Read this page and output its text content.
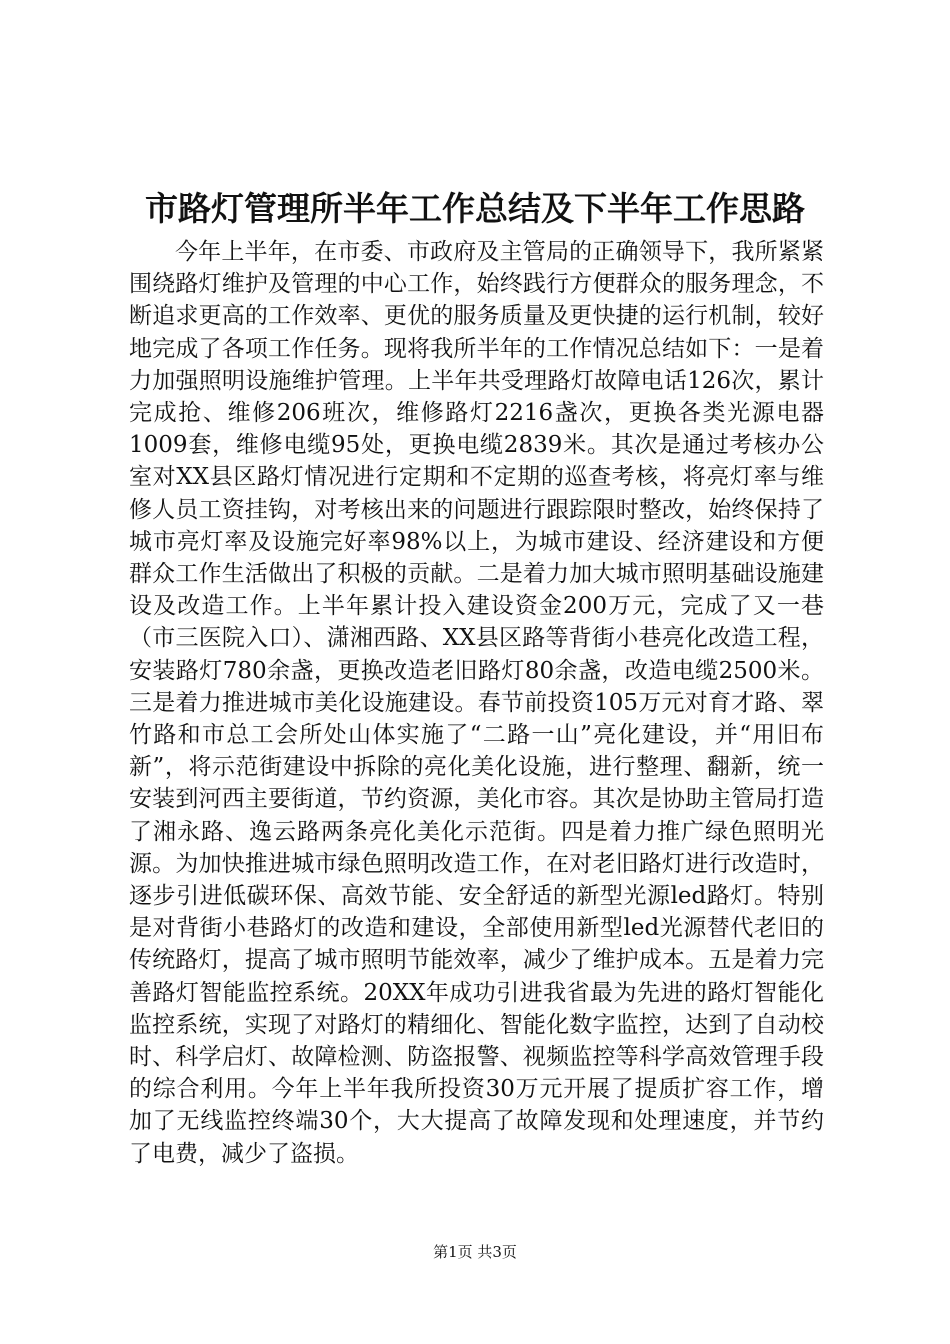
市路灯管理所半年工作总结及下半年工作思路

今年上半年，在市委、市政府及主管局的正确领导下，我所紧紧围绕路灯维护及管理的中心工作，始终践行方便群众的服务理念，不断追求更高的工作效率、更优的服务质量及更快捷的运行机制，较好地完成了各项工作任务。现将我所半年的工作情况总结如下：一是着力加强照明设施维护管理。上半年共受理路灯故障电话126次，累计完成抢、维修206班次，维修路灯2216盏次，更换各类光源电器1009套，维修电缆95处，更换电缆2839米。其次是通过考核办公室对XX县区路灯情况进行定期和不定期的巡查考核，将亮灯率与维修人员工资挂钩，对考核出来的问题进行跟踪限时整改，始终保持了城市亮灯率及设施完好率98%以上，为城市建设、经济建设和方便群众工作生活做出了积极的贡献。二是着力加大城市照明基础设施建设及改造工作。上半年累计投入建设资金200万元，完成了又一巷（市三医院入口）、潇湘西路、XX县区路等背街小巷亮化改造工程，安装路灯780余盏，更换改造老旧路灯80余盏，改造电缆2500米。三是着力推进城市美化设施建设。春节前投资105万元对育才路、翠竹路和市总工会所处山体实施了“二路一山”亮化建设，并“用旧布新”，将示范街建设中拆除的亮化美化设施，进行整理、翻新，统一安装到河西主要街道，节约资源，美化市容。其次是协助主管局打造了湘永路、逸云路两条亮化美化示范街。四是着力推广绿色照明光源。为加快推进城市绿色照明改造工作，在对老旧路灯进行改造时，逐步引进低碳环保、高效节能、安全舒适的新型光源led路灯。特别是对背街小巷路灯的改造和建设，全部使用新型led光源替代老旧的传统路灯，提高了城市照明节能效率，减少了维护成本。五是着力完善路灯智能监控系统。20XX年成功引进我省最为先进的路灯智能化监控系统，实现了对路灯的精细化、智能化数字监控，达到了自动校时、科学启灯、故障检测、防盗报警、视频监控等科学高效管理手段的综合利用。今年上半年我所投资30万元开展了提质扩容工作，增加了无线监控终端30个，大大提高了故障发现和处理速度，并节约了电费，减少了盗损。

第1页 共3页
